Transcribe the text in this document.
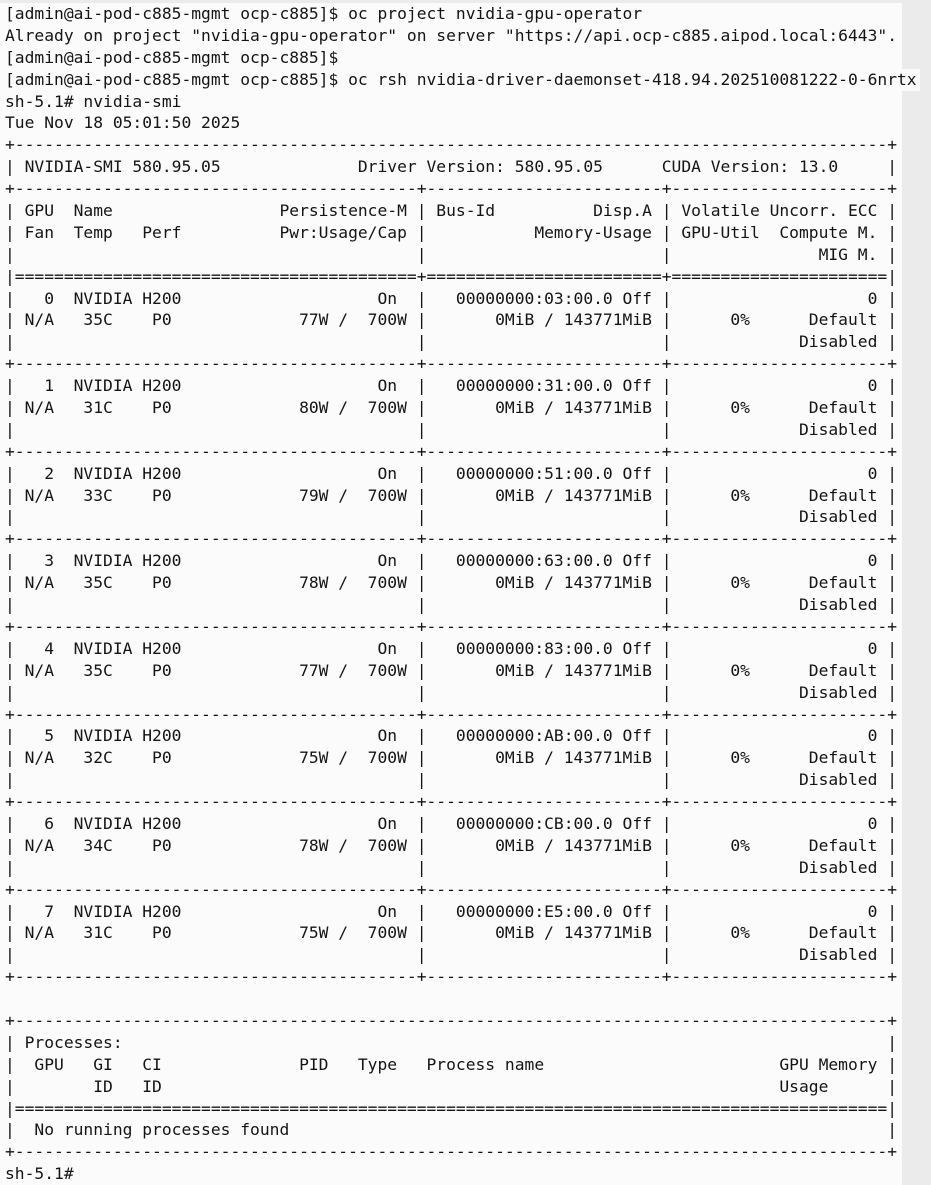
[admin@ai-pod-c885-mgmt ocp-c885]$ oc project nvidia-gpu-operator
Already on project "nvidia-gpu-operator" on server "https://api.ocp-c885.aipod.local:6443".
[admin@ai-pod-c885-mgmt ocp-c885]$
[admin@ai-pod-c885-mgmt ocp-c885]$ oc rsh nvidia-driver-daemonset-418.94.202510081222-0-6nrtx
sh-5.1# nvidia-smi
Tue Nov 18 05:01:50 2025
+-----------------------------------------------------------------------------------------+
| NVIDIA-SMI 580.95.05              Driver Version: 580.95.05      CUDA Version: 13.0     |
+-----------------------------------------+------------------------+----------------------+
| GPU  Name                 Persistence-M | Bus-Id          Disp.A | Volatile Uncorr. ECC |
| Fan  Temp   Perf          Pwr:Usage/Cap |           Memory-Usage | GPU-Util  Compute M. |
|                                         |                        |               MIG M. |
|=========================================+========================+======================|
|   0  NVIDIA H200                    On  |   00000000:03:00.0 Off |                    0 |
| N/A   35C    P0             77W /  700W |       0MiB / 143771MiB |      0%      Default |
|                                         |                        |             Disabled |
+-----------------------------------------+------------------------+----------------------+
|   1  NVIDIA H200                    On  |   00000000:31:00.0 Off |                    0 |
| N/A   31C    P0             80W /  700W |       0MiB / 143771MiB |      0%      Default |
|                                         |                        |             Disabled |
+-----------------------------------------+------------------------+----------------------+
|   2  NVIDIA H200                    On  |   00000000:51:00.0 Off |                    0 |
| N/A   33C    P0             79W /  700W |       0MiB / 143771MiB |      0%      Default |
|                                         |                        |             Disabled |
+-----------------------------------------+------------------------+----------------------+
|   3  NVIDIA H200                    On  |   00000000:63:00.0 Off |                    0 |
| N/A   35C    P0             78W /  700W |       0MiB / 143771MiB |      0%      Default |
|                                         |                        |             Disabled |
+-----------------------------------------+------------------------+----------------------+
|   4  NVIDIA H200                    On  |   00000000:83:00.0 Off |                    0 |
| N/A   35C    P0             77W /  700W |       0MiB / 143771MiB |      0%      Default |
|                                         |                        |             Disabled |
+-----------------------------------------+------------------------+----------------------+
|   5  NVIDIA H200                    On  |   00000000:AB:00.0 Off |                    0 |
| N/A   32C    P0             75W /  700W |       0MiB / 143771MiB |      0%      Default |
|                                         |                        |             Disabled |
+-----------------------------------------+------------------------+----------------------+
|   6  NVIDIA H200                    On  |   00000000:CB:00.0 Off |                    0 |
| N/A   34C    P0             78W /  700W |       0MiB / 143771MiB |      0%      Default |
|                                         |                        |             Disabled |
+-----------------------------------------+------------------------+----------------------+
|   7  NVIDIA H200                    On  |   00000000:E5:00.0 Off |                    0 |
| N/A   31C    P0             75W /  700W |       0MiB / 143771MiB |      0%      Default |
|                                         |                        |             Disabled |
+-----------------------------------------+------------------------+----------------------+
+-----------------------------------------------------------------------------------------+
| Processes:                                                                              |
|  GPU   GI   CI              PID   Type   Process name                        GPU Memory |
|        ID   ID                                                               Usage      |
|=========================================================================================|
|  No running processes found                                                             |
+-----------------------------------------------------------------------------------------+
sh-5.1#
